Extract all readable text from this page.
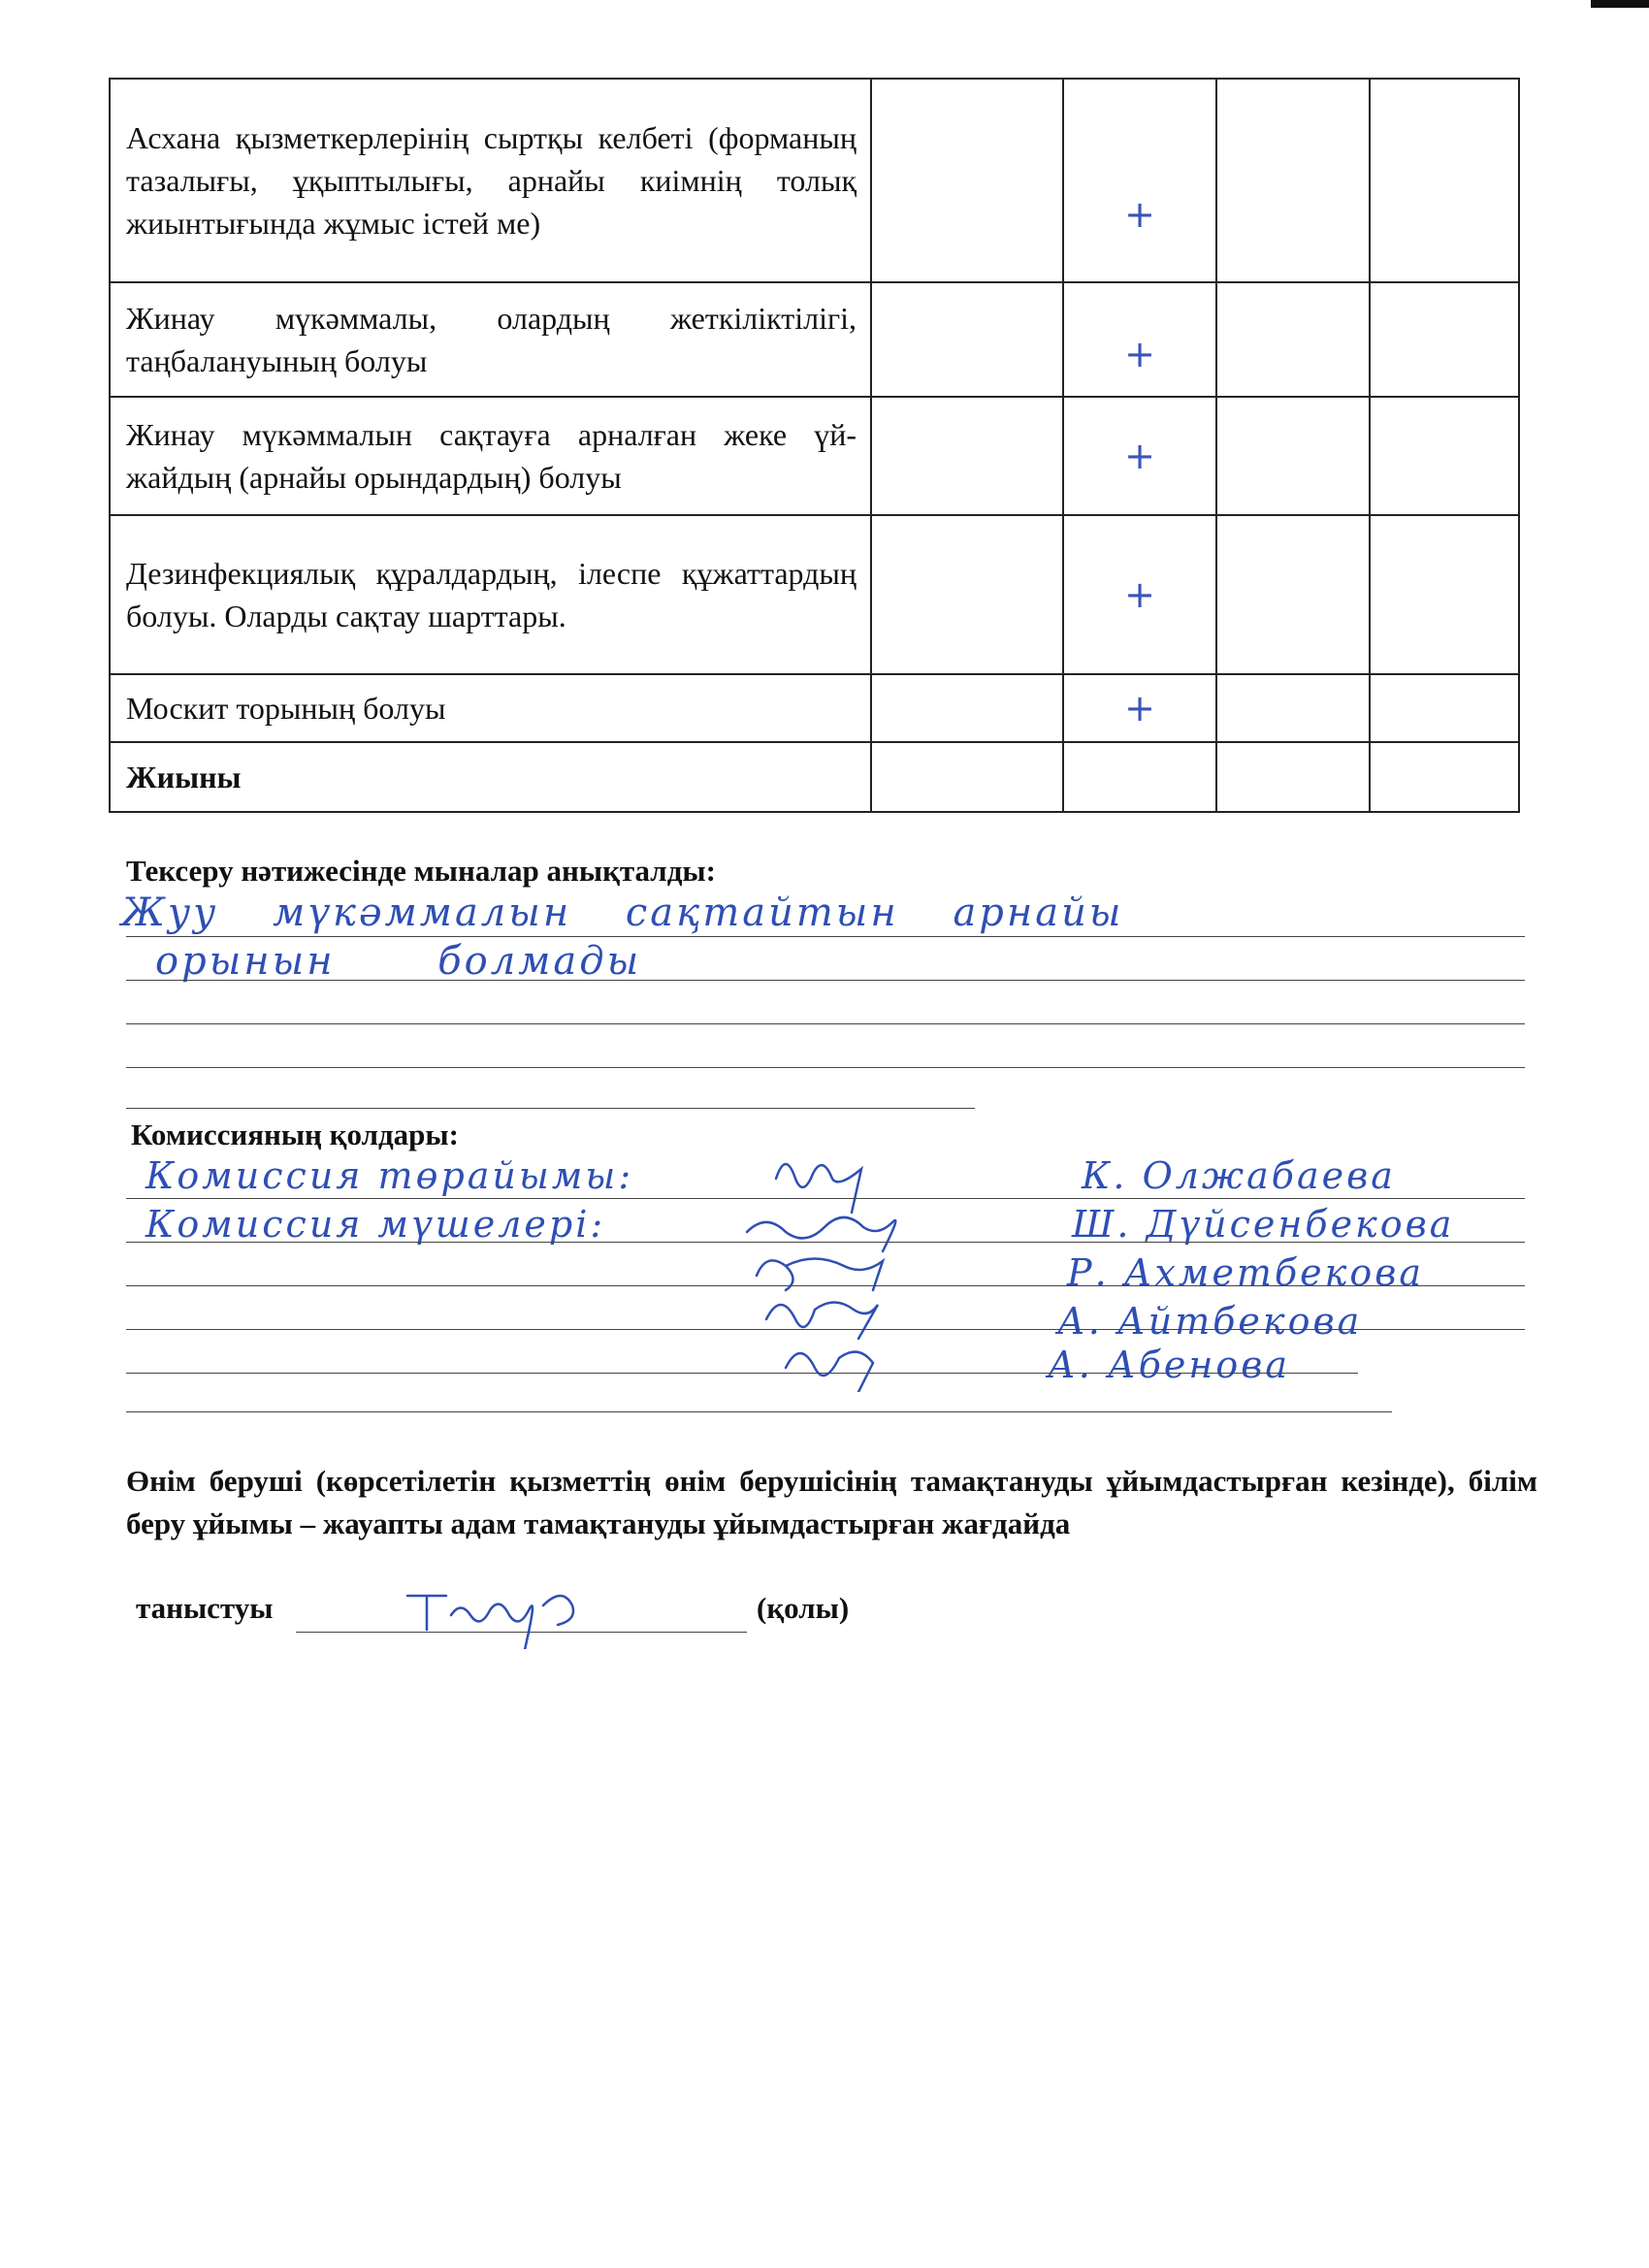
Асхана қызметкерлерінің сыртқы келбеті (форманың тазалығы, ұқыптылығы, арнайы киімнің толық жиынтығында жұмыс істей ме)		+		

Жинау мүкәммалы, олардың жеткіліктілігі, таңбалануының болуы		+		

Жинау мүкәммалын сақтауға арналған жеке үй-жайдың (арнайы орындардың) болуы		+		

Дезинфекциялық құралдардың, ілеспе құжаттардың болуы. Оларды сақтау шарттары.		+		

Москит торының болуы		+		

Жиыны				
Тексеру нәтижесінде мыналар анықталды:
Жуу мүкәммалын сақтайтын арнайы
орынын болмады
Комиссияның қолдары:
Комиссия төрайымы:	К. Олжабаева
Комиссия мүшелері:	Ш. Дүйсенбекова
Р. Ахметбекова
А. Айтбекова
А. Абенова
Өнім беруші (көрсетілетін қызметтің өнім берушісінің тамақтануды ұйымдастырған кезінде), білім беру ұйымы – жауапты адам тамақтануды ұйымдастырған жағдайда
таныстуы	(қолы)
